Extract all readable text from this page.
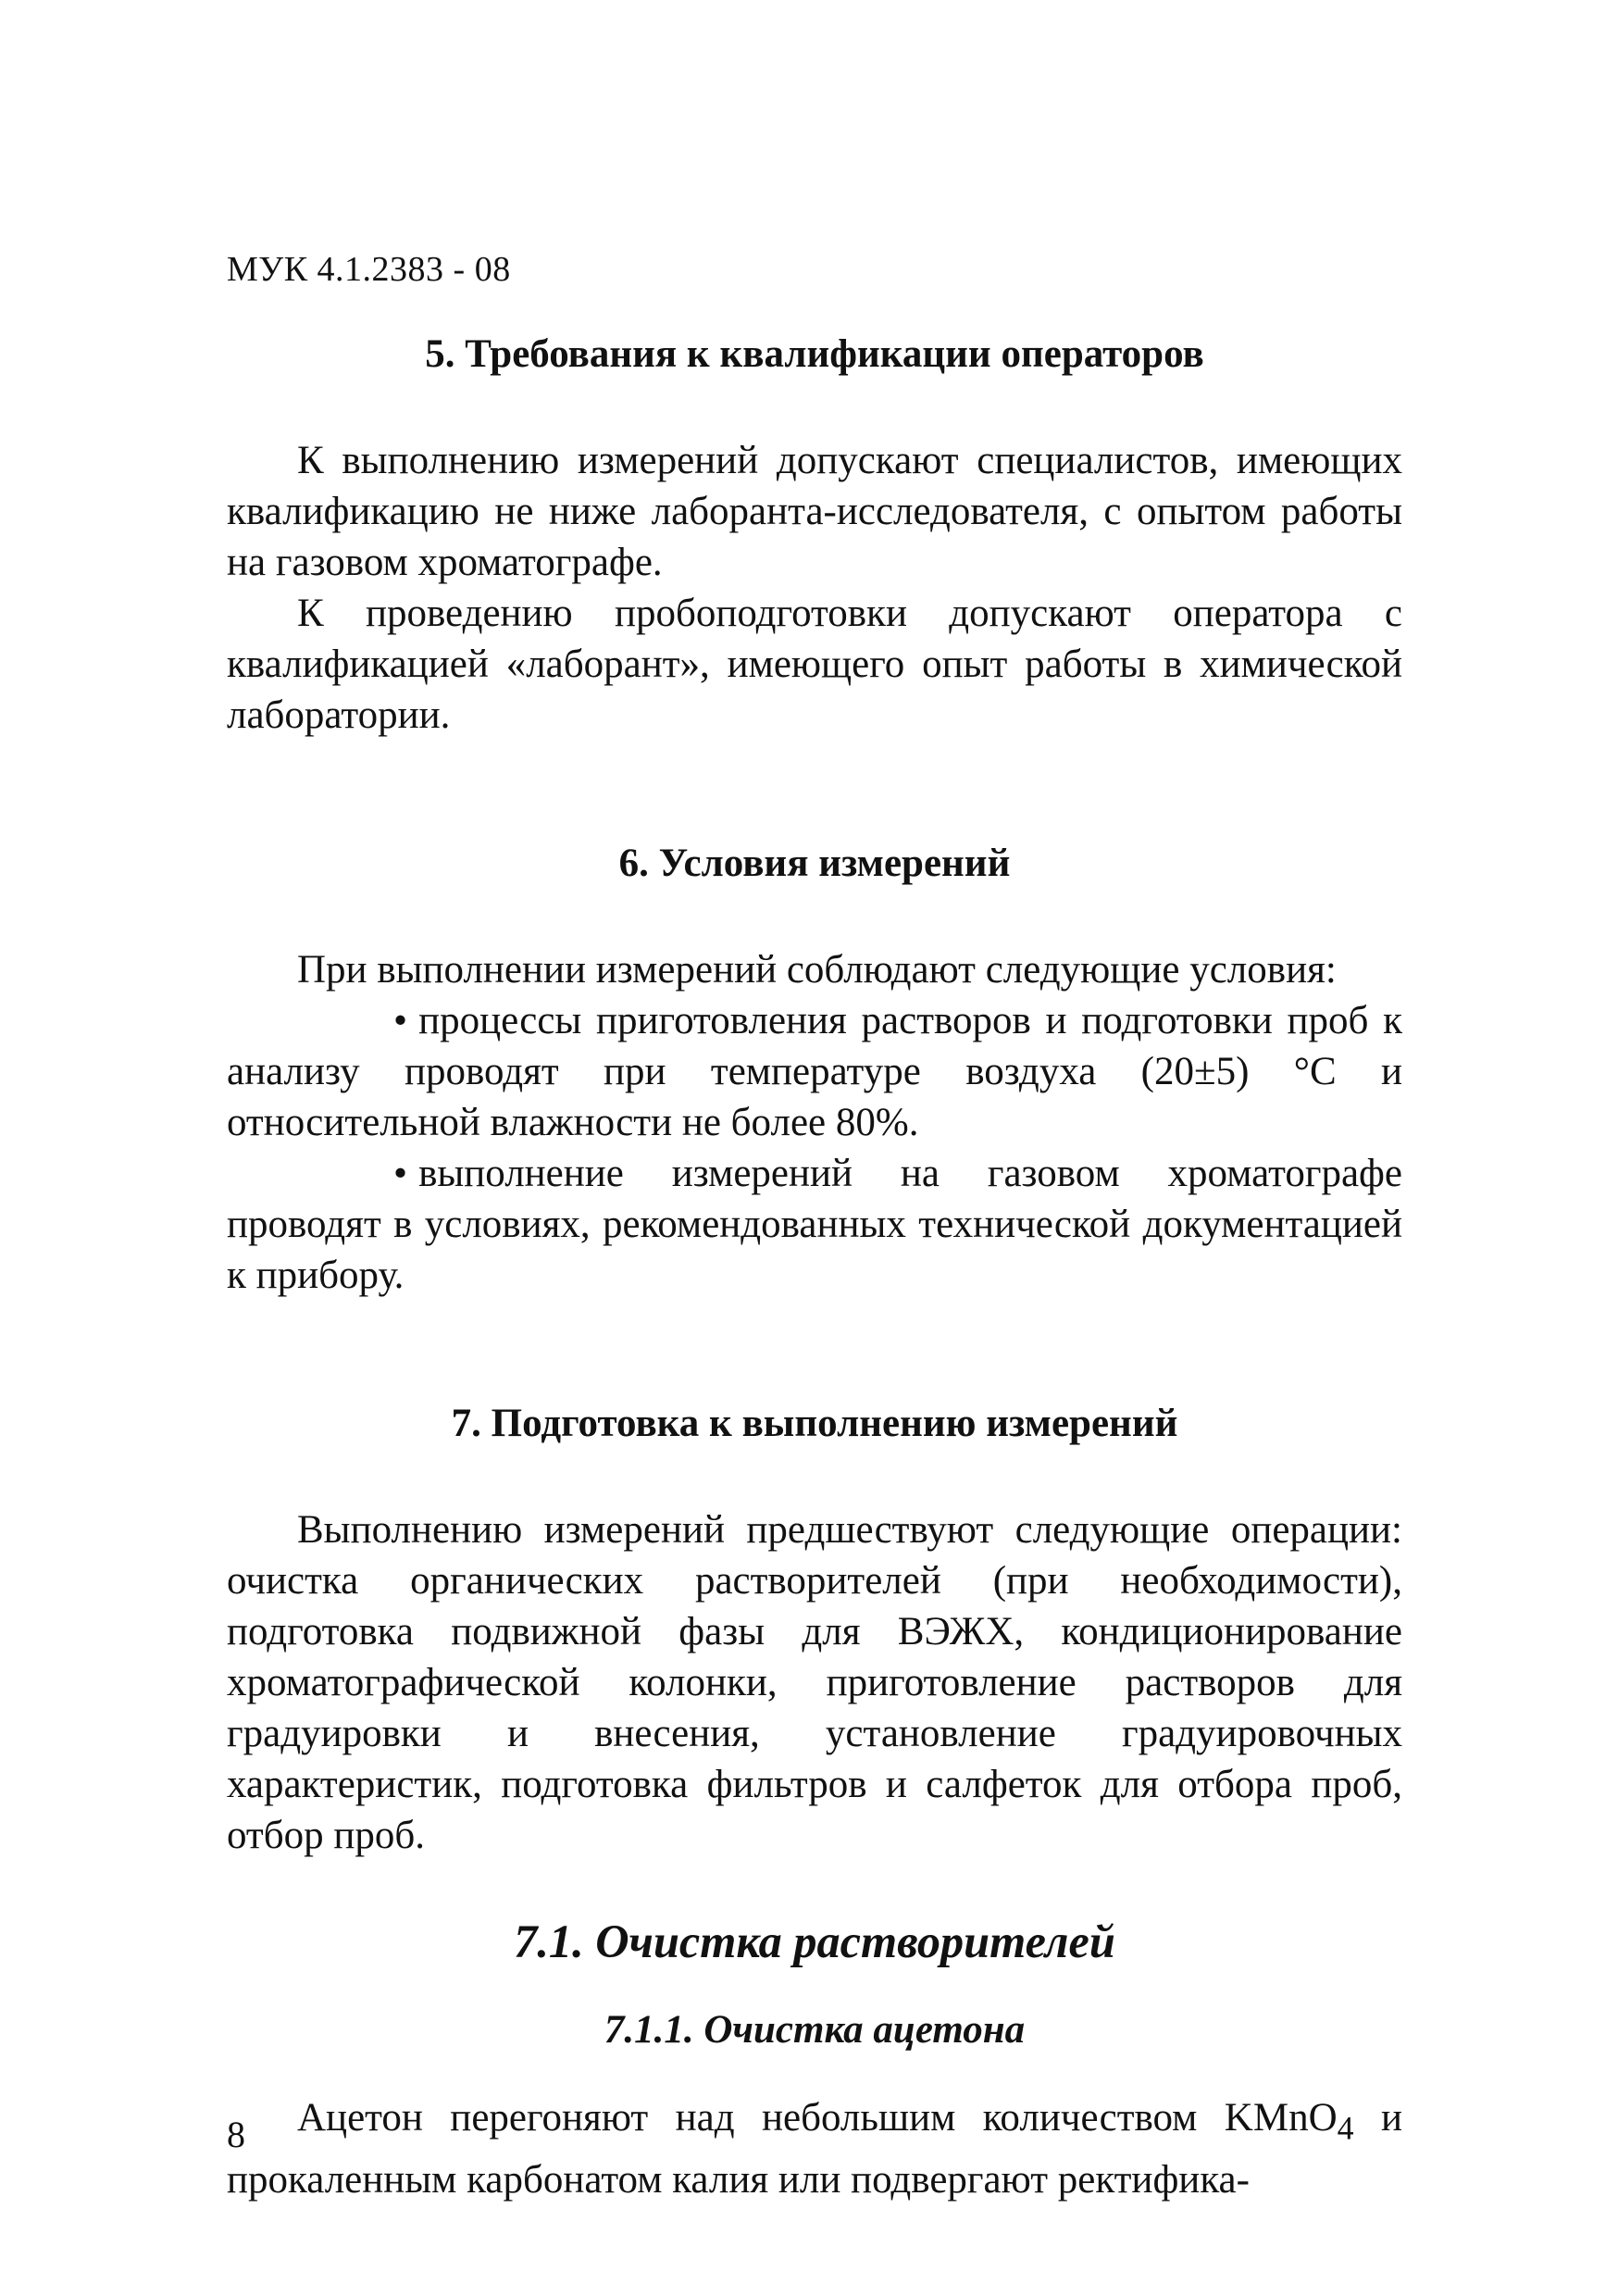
МУК 4.1.2383 - 08
5. Требования к квалификации операторов

К выполнению измерений допускают специалистов, имеющих квалификацию не ниже лаборанта-исследователя, с опытом работы на газовом хроматографе.

К проведению пробоподготовки допускают оператора с квалификацией «лаборант», имеющего опыт работы в химической лаборатории.

6. Условия измерений

При выполнении измерений соблюдают следующие условия:

• процессы приготовления растворов и подготовки проб к анализу проводят при температуре воздуха (20±5) °С и относительной влажности не более 80%.

• выполнение измерений на газовом хроматографе проводят в условиях, рекомендованных технической документацией к прибору.

7. Подготовка к выполнению измерений

Выполнению измерений предшествуют следующие операции: очистка органических растворителей (при необходимости), подготовка подвижной фазы для ВЭЖХ, кондиционирование хроматографической колонки, приготовление растворов для градуировки и внесения, установление градуировочных характеристик, подготовка фильтров и салфеток для отбора проб, отбор проб.

7.1. Очистка растворителей
7.1.1. Очистка ацетона

Ацетон перегоняют над небольшим количеством KMnO$_4$ и прокаленным карбонатом калия или подвергают ректифика-

8
